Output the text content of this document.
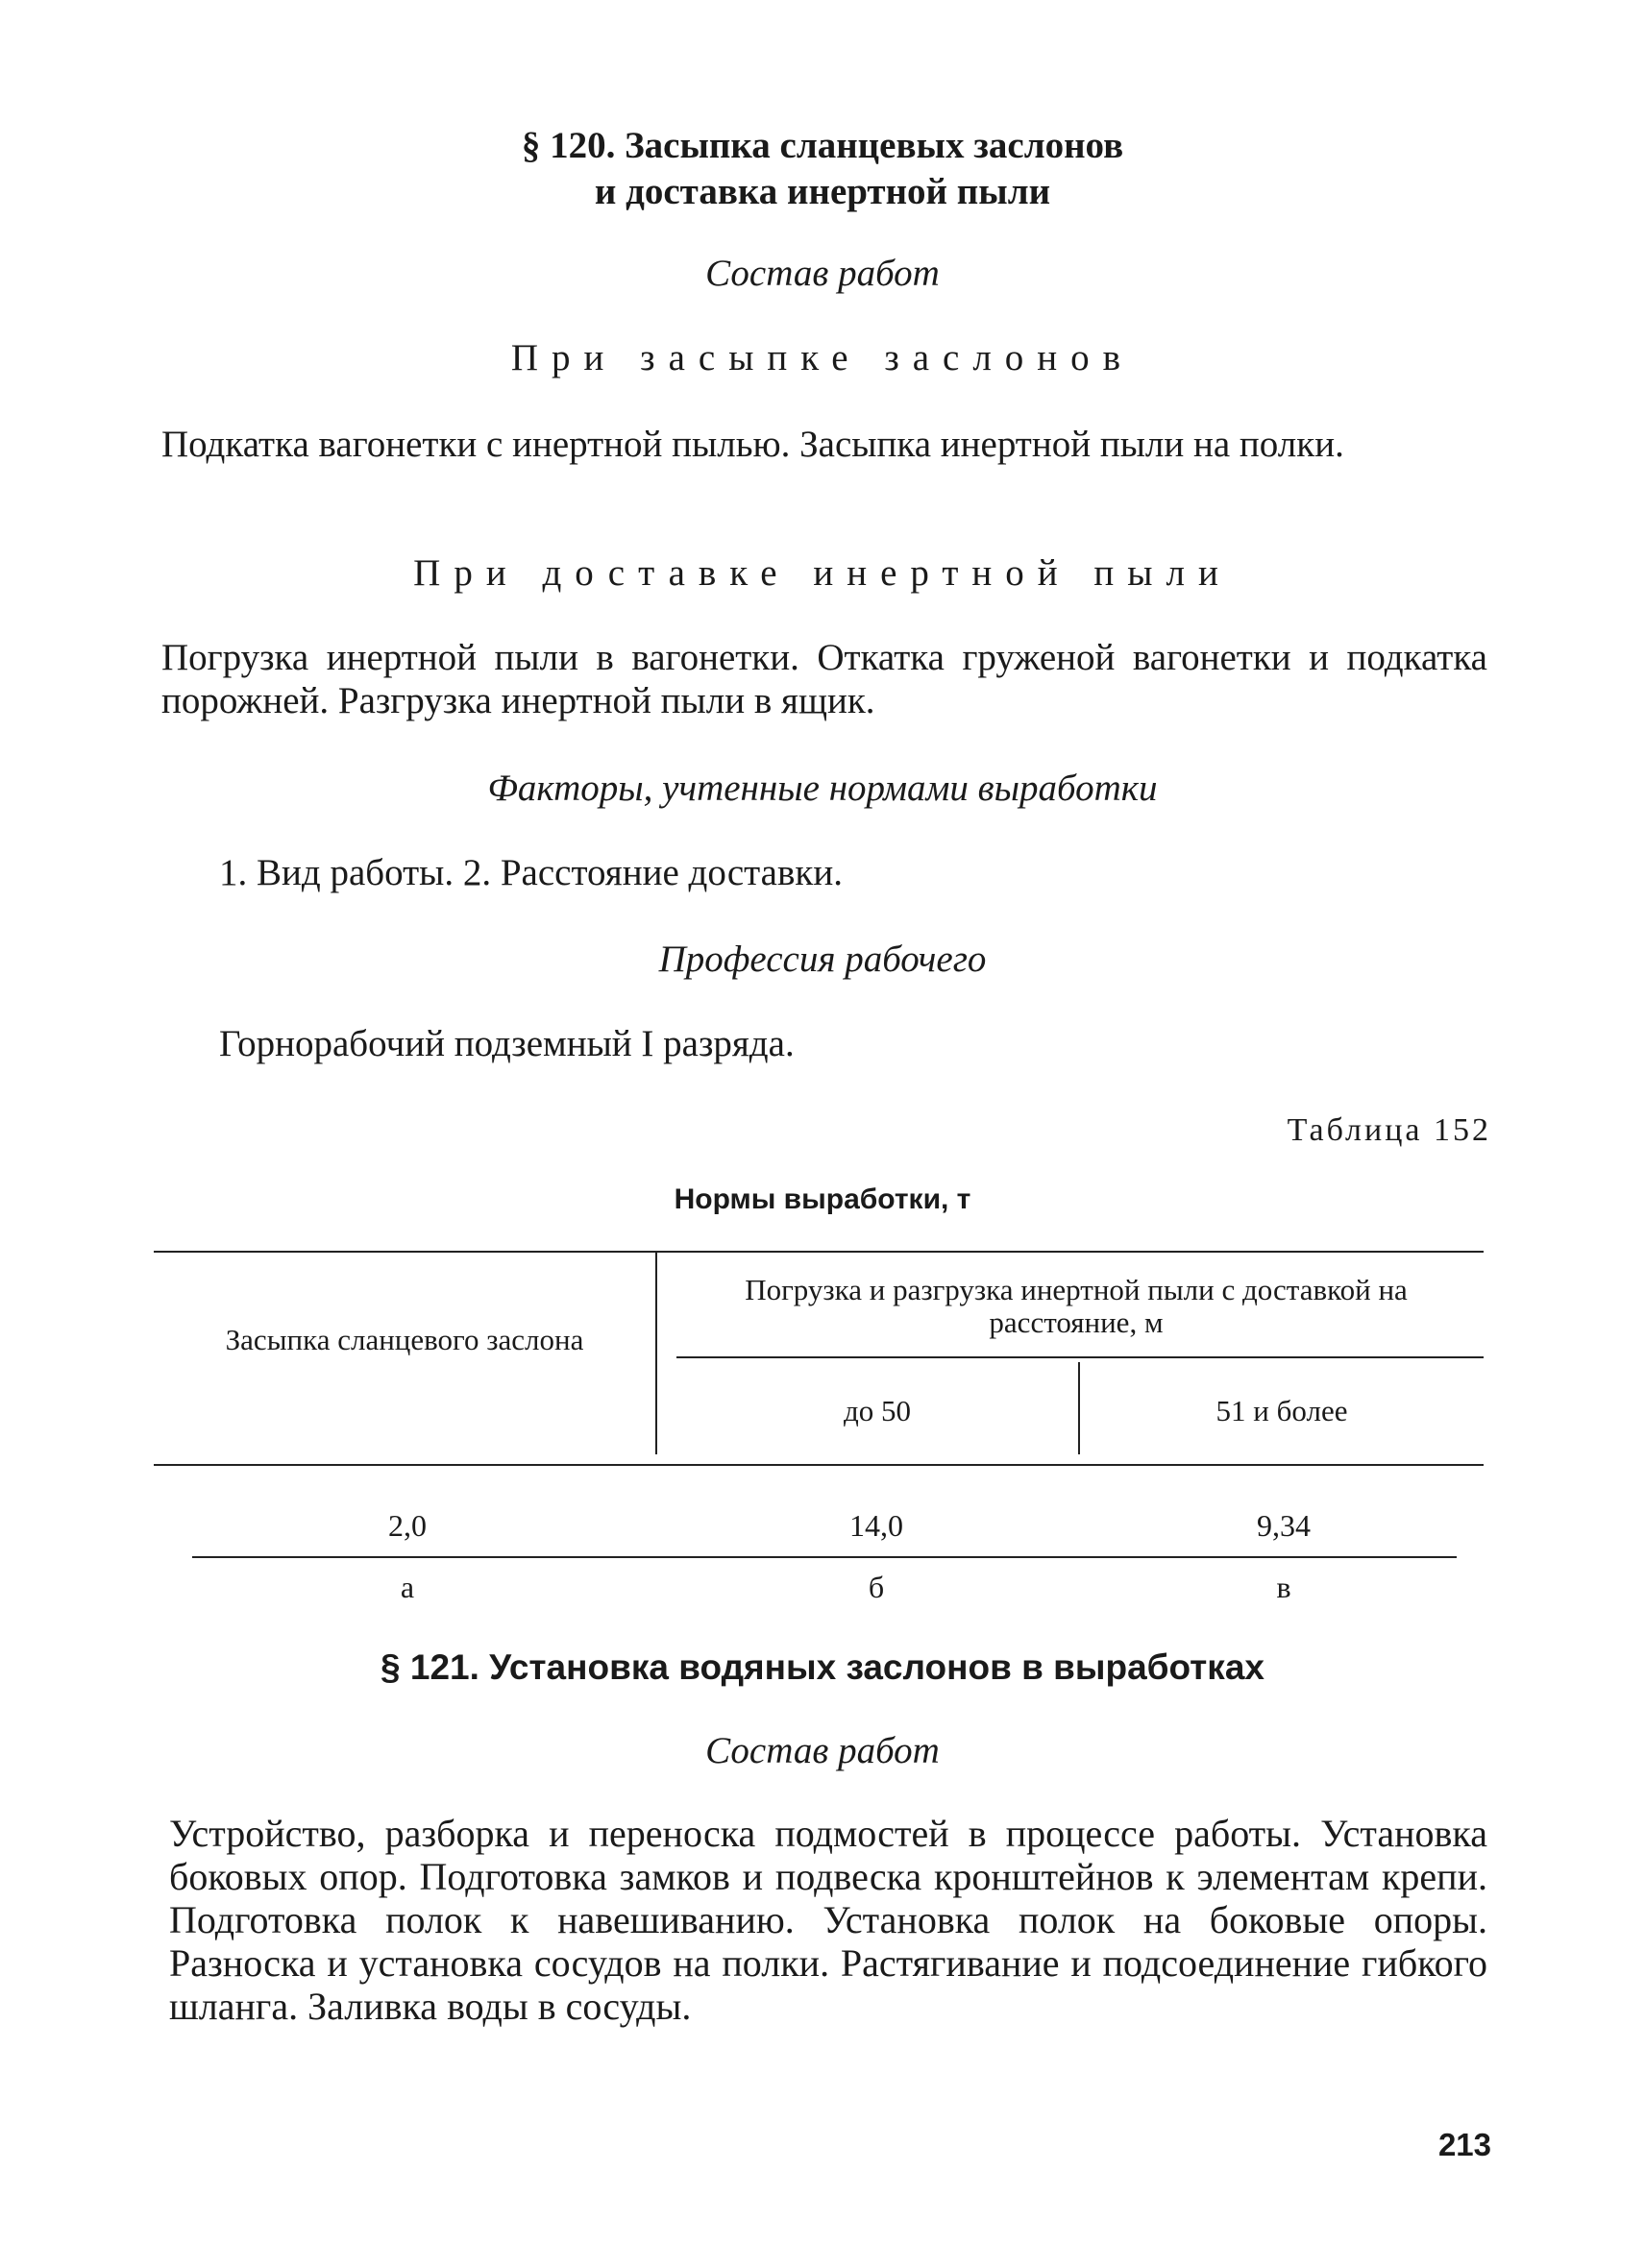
§ 120. Засыпка сланцевых заслонов
и доставка инертной пыли
Состав работ
При засыпке заслонов
Подкатка вагонетки с инертной пылью. Засыпка инертной пыли на полки.
При доставке инертной пыли
Погрузка инертной пыли в вагонетки. Откатка груженой вагонетки и подкатка порожней. Разгрузка инертной пыли в ящик.
Факторы, учтенные нормами выработки
1. Вид работы. 2. Расстояние доставки.
Профессия рабочего
Горнорабочий подземный I разряда.
Таблица 152
Нормы выработки, т
Засыпка сланцевого заслона
Погрузка и разгрузка инертной пыли с доставкой на расстояние, м
до 50	51 и более
2,0	14,0	9,34
а	б	в
§ 121. Установка водяных заслонов в выработках
Состав работ
Устройство, разборка и переноска подмостей в процессе работы. Установка боковых опор. Подготовка замков и подвеска кронштейнов к элементам крепи. Подготовка полок к навешиванию. Установка полок на боковые опоры. Разноска и установка сосудов на полки. Растягивание и подсоединение гибкого шланга. Заливка воды в сосуды.
213
